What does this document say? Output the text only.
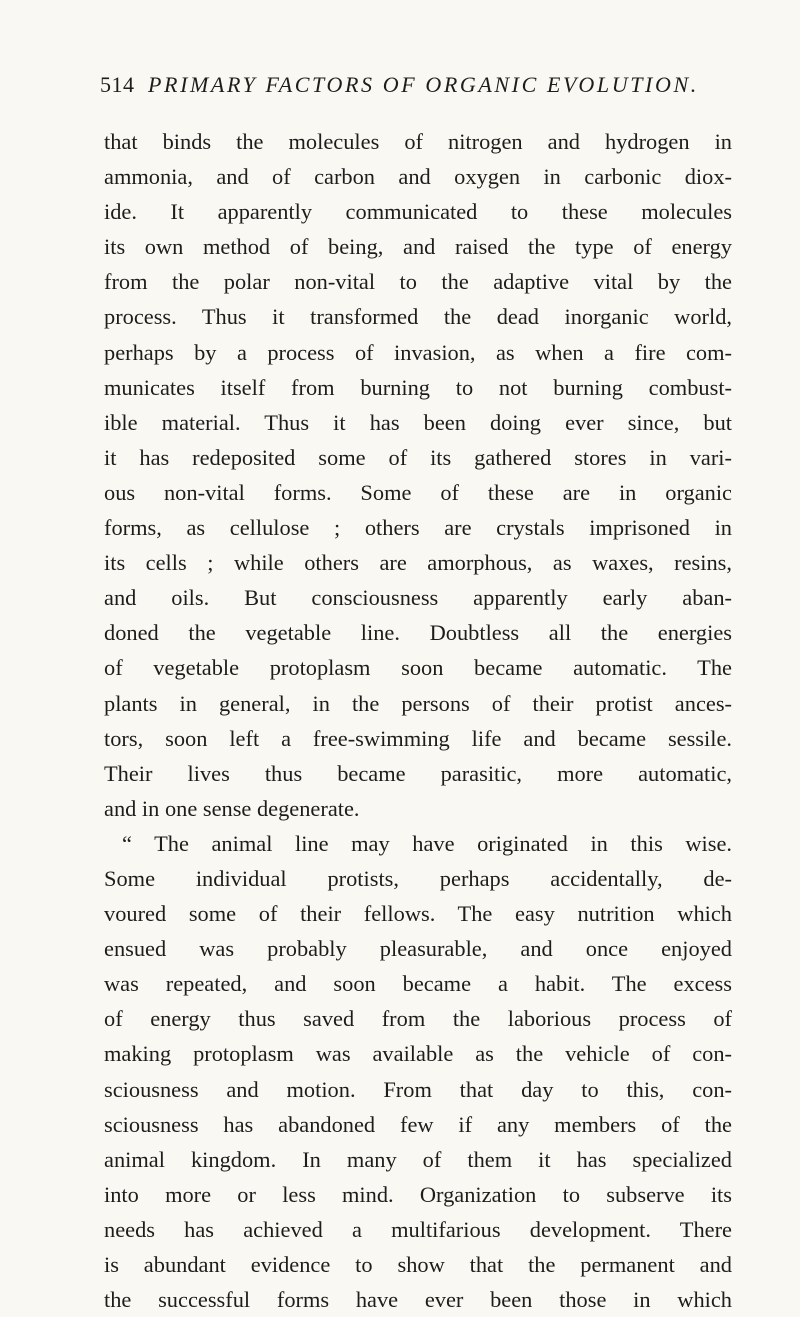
514 PRIMARY FACTORS OF ORGANIC EVOLUTION.
that binds the molecules of nitrogen and hydrogen in
ammonia, and of carbon and oxygen in carbonic diox-
ide. It apparently communicated to these molecules
its own method of being, and raised the type of energy
from the polar non-vital to the adaptive vital by the
process. Thus it transformed the dead inorganic world,
perhaps by a process of invasion, as when a fire com-
municates itself from burning to not burning combust-
ible material. Thus it has been doing ever since, but
it has redeposited some of its gathered stores in vari-
ous non-vital forms. Some of these are in organic
forms, as cellulose ; others are crystals imprisoned in
its cells ; while others are amorphous, as waxes, resins,
and oils. But consciousness apparently early aban-
doned the vegetable line. Doubtless all the energies
of vegetable protoplasm soon became automatic. The
plants in general, in the persons of their protist ances-
tors, soon left a free-swimming life and became sessile.
Their lives thus became parasitic, more automatic,
and in one sense degenerate.
“ The animal line may have originated in this wise.
Some individual protists, perhaps accidentally, de-
voured some of their fellows. The easy nutrition which
ensued was probably pleasurable, and once enjoyed
was repeated, and soon became a habit. The excess
of energy thus saved from the laborious process of
making protoplasm was available as the vehicle of con-
sciousness and motion. From that day to this, con-
sciousness has abandoned few if any members of the
animal kingdom. In many of them it has specialized
into more or less mind. Organization to subserve its
needs has achieved a multifarious development. There
is abundant evidence to show that the permanent and
the successful forms have ever been those in which
